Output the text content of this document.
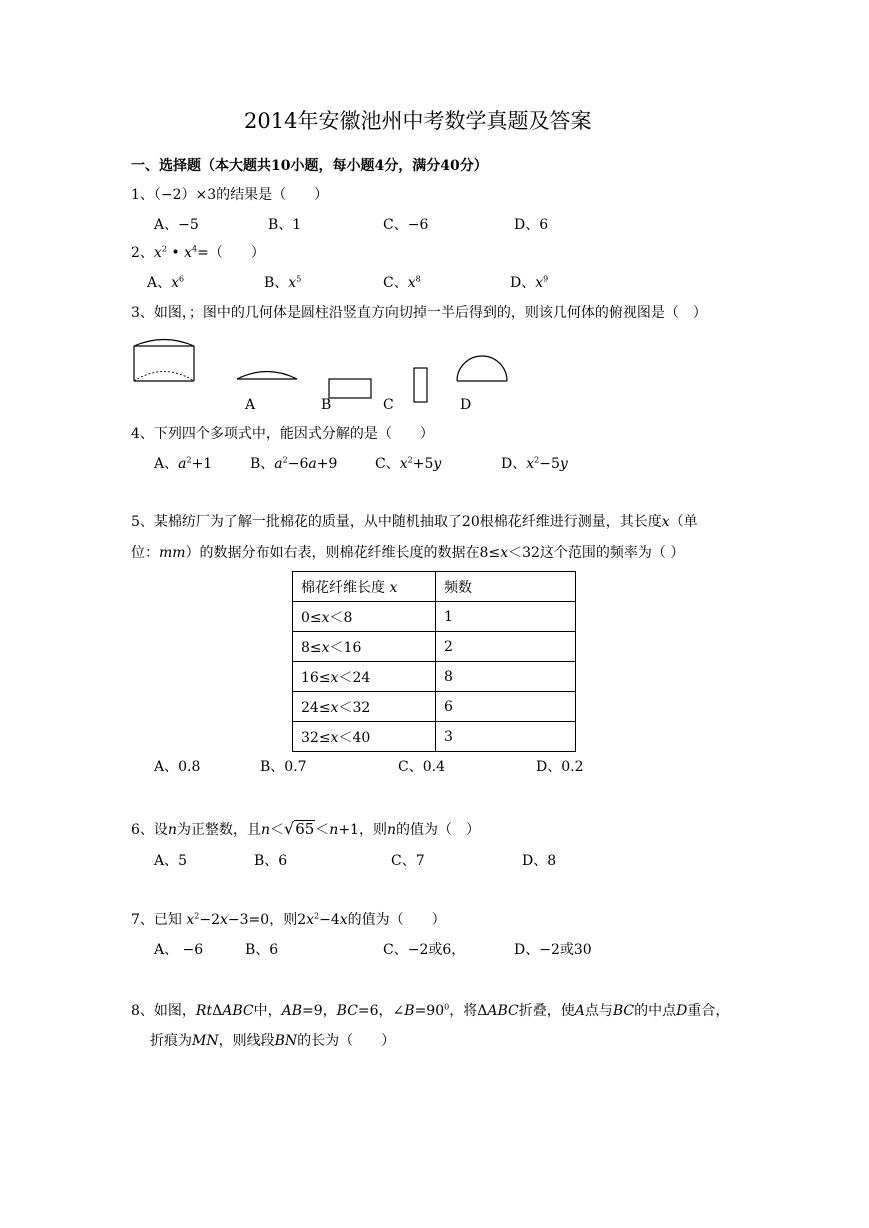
2014年安徽池州中考数学真题及答案
一、选择题（本大题共10小题，每小题4分，满分40分）
1、（−2）×3的结果是（　　）
A、−5	B、1	C、−6	D、6
2、$x^2$ • $x^4=$（　　）
A、$x^6$	B、$x^5$	C、$x^8$	D、$x^9$
3、如图，；图中的几何体是圆柱沿竖直方向切掉一半后得到的，则该几何体的俯视图是（　）
A	B	C	D
4、下列四个多项式中，能因式分解的是（　　）
A、$a^2+1$	B、$a^2-6a+9$	C、$x^2+5y$	D、$x^2-5y$
5、某棉纺厂为了解一批棉花的质量，从中随机抽取了20根棉花纤维进行测量，其长度x（单
位：mm）的数据分布如右表，则棉花纤维长度的数据在8≤x＜32这个范围的频率为（ ）
棉花纤维长度 x	频数
0≤x＜8	1
8≤x＜16	2
16≤x＜24	8
24≤x＜32	6
32≤x＜40	3
A、0.8	B、0.7	C、0.4	D、0.2
6、设n为正整数，且n＜√65＜n+1，则n的值为（　）
A、5	B、6	C、7	D、8
7、已知 $x^2-2x-3=0$，则$2x^2-4x$的值为（　　）
A、 −6	B、6	C、−2或6，	D、−2或30
8、如图，RtΔABC中，AB=9，BC=6，$\angle B=90^0$，将ΔABC折叠，使A点与BC的中点D重合，
折痕为MN，则线段BN的长为（　　）
